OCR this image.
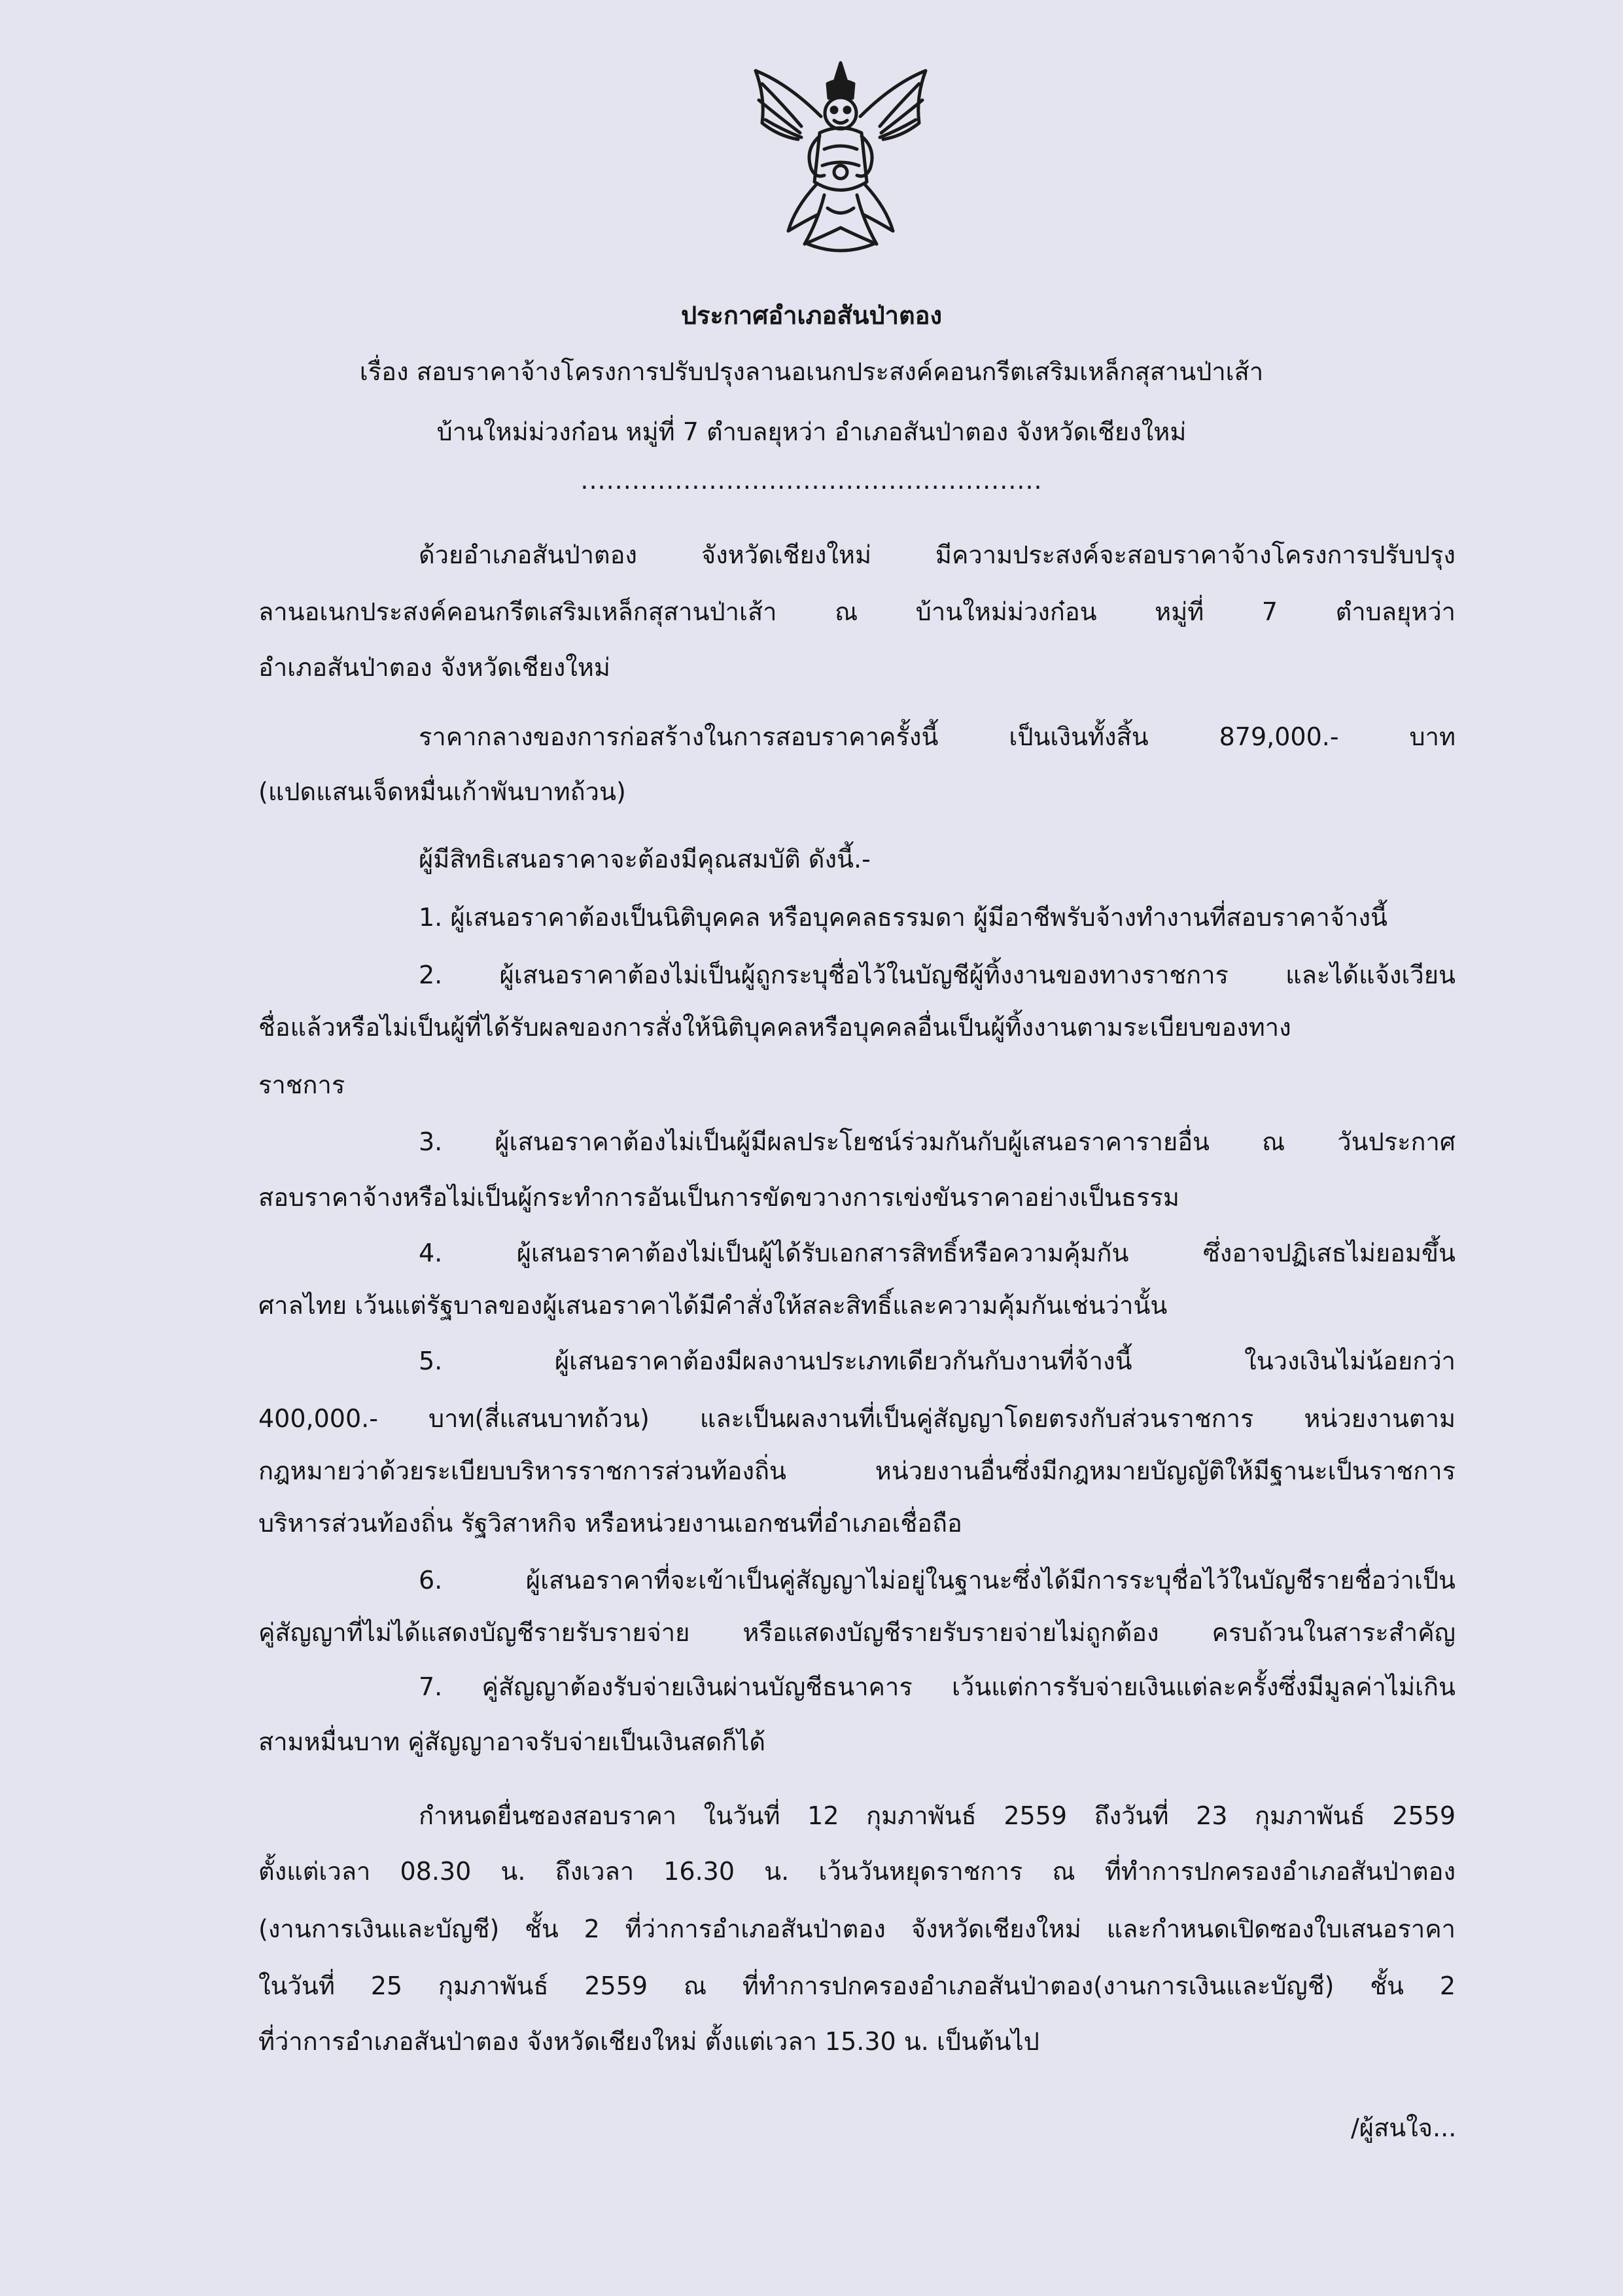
ประกาศอำเภอสันป่าตอง
เรื่อง สอบราคาจ้างโครงการปรับปรุงลานอเนกประสงค์คอนกรีตเสริมเหล็กสุสานป่าเส้า
บ้านใหม่ม่วงก๋อน หมู่ที่ 7 ตำบลยุหว่า อำเภอสันป่าตอง จังหวัดเชียงใหม่
......................................................
ด้วยอำเภอสันป่าตอง จังหวัดเชียงใหม่ มีความประสงค์จะสอบราคาจ้างโครงการปรับปรุง
ลานอเนกประสงค์คอนกรีตเสริมเหล็กสุสานป่าเส้า ณ บ้านใหม่ม่วงก๋อน หมู่ที่ 7 ตำบลยุหว่า
อำเภอสันป่าตอง จังหวัดเชียงใหม่
ราคากลางของการก่อสร้างในการสอบราคาครั้งนี้ เป็นเงินทั้งสิ้น 879,000.- บาท
(แปดแสนเจ็ดหมื่นเก้าพันบาทถ้วน)
ผู้มีสิทธิเสนอราคาจะต้องมีคุณสมบัติ ดังนี้.-
1. ผู้เสนอราคาต้องเป็นนิติบุคคล หรือบุคคลธรรมดา ผู้มีอาชีพรับจ้างทำงานที่สอบราคาจ้างนี้
2. ผู้เสนอราคาต้องไม่เป็นผู้ถูกระบุชื่อไว้ในบัญชีผู้ทิ้งงานของทางราชการ และได้แจ้งเวียน
ชื่อแล้วหรือไม่เป็นผู้ที่ได้รับผลของการสั่งให้นิติบุคคลหรือบุคคลอื่นเป็นผู้ทิ้งงานตามระเบียบของทาง
ราชการ
3. ผู้เสนอราคาต้องไม่เป็นผู้มีผลประโยชน์ร่วมกันกับผู้เสนอราคารายอื่น ณ วันประกาศ
สอบราคาจ้างหรือไม่เป็นผู้กระทำการอันเป็นการขัดขวางการเข่งขันราคาอย่างเป็นธรรม
4. ผู้เสนอราคาต้องไม่เป็นผู้ได้รับเอกสารสิทธิ์หรือความคุ้มกัน ซึ่งอาจปฏิเสธไม่ยอมขึ้น
ศาลไทย เว้นแต่รัฐบาลของผู้เสนอราคาได้มีคำสั่งให้สละสิทธิ์และความคุ้มกันเช่นว่านั้น
5. ผู้เสนอราคาต้องมีผลงานประเภทเดียวกันกับงานที่จ้างนี้ ในวงเงินไม่น้อยกว่า
400,000.- บาท(สี่แสนบาทถ้วน) และเป็นผลงานที่เป็นคู่สัญญาโดยตรงกับส่วนราชการ หน่วยงานตาม
กฎหมายว่าด้วยระเบียบบริหารราชการส่วนท้องถิ่น หน่วยงานอื่นซึ่งมีกฎหมายบัญญัติให้มีฐานะเป็นราชการ
บริหารส่วนท้องถิ่น รัฐวิสาหกิจ หรือหน่วยงานเอกชนที่อำเภอเชื่อถือ
6. ผู้เสนอราคาที่จะเข้าเป็นคู่สัญญาไม่อยู่ในฐานะซึ่งได้มีการระบุชื่อไว้ในบัญชีรายชื่อว่าเป็น
คู่สัญญาที่ไม่ได้แสดงบัญชีรายรับรายจ่าย หรือแสดงบัญชีรายรับรายจ่ายไม่ถูกต้อง ครบถ้วนในสาระสำคัญ
7. คู่สัญญาต้องรับจ่ายเงินผ่านบัญชีธนาคาร เว้นแต่การรับจ่ายเงินแต่ละครั้งซึ่งมีมูลค่าไม่เกิน
สามหมื่นบาท คู่สัญญาอาจรับจ่ายเป็นเงินสดก็ได้
กำหนดยื่นซองสอบราคา ในวันที่ 12 กุมภาพันธ์ 2559 ถึงวันที่ 23 กุมภาพันธ์ 2559
ตั้งแต่เวลา 08.30 น. ถึงเวลา 16.30 น. เว้นวันหยุดราชการ ณ ที่ทำการปกครองอำเภอสันป่าตอง
(งานการเงินและบัญชี) ชั้น 2 ที่ว่าการอำเภอสันป่าตอง จังหวัดเชียงใหม่ และกำหนดเปิดซองใบเสนอราคา
ในวันที่ 25 กุมภาพันธ์ 2559 ณ ที่ทำการปกครองอำเภอสันป่าตอง(งานการเงินและบัญชี) ชั้น 2
ที่ว่าการอำเภอสันป่าตอง จังหวัดเชียงใหม่ ตั้งแต่เวลา 15.30 น. เป็นต้นไป
/ผู้สนใจ...
